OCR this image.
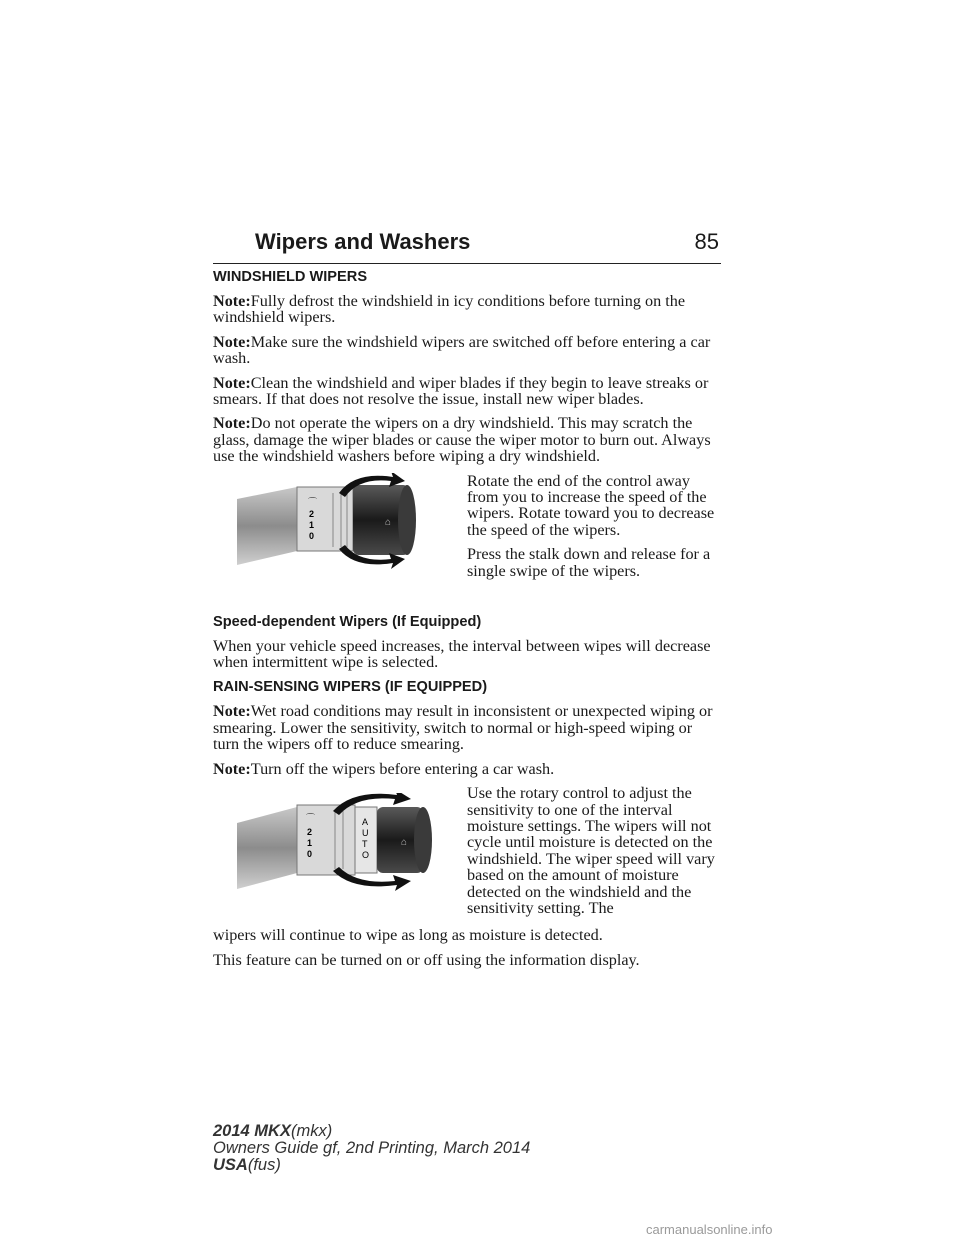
Wipers and Washers	85
WINDSHIELD WIPERS

Note:Fully defrost the windshield in icy conditions before turning on the windshield wipers.

Note:Make sure the windshield wipers are switched off before entering a car wash.

Note:Clean the windshield and wiper blades if they begin to leave streaks or smears. If that does not resolve the issue, install new wiper blades.

Note:Do not operate the wipers on a dry windshield. This may scratch the glass, damage the wiper blades or cause the wiper motor to burn out. Always use the windshield washers before wiping a dry windshield.

⌒
2
1
0
⌂

Rotate the end of the control away from you to increase the speed of the wipers. Rotate toward you to decrease the speed of the wipers.

Press the stalk down and release for a single swipe of the wipers.

Speed-dependent Wipers (If Equipped)

When your vehicle speed increases, the interval between wipes will decrease when intermittent wipe is selected.

RAIN-SENSING WIPERS (IF EQUIPPED)

Note:Wet road conditions may result in inconsistent or unexpected wiping or smearing. Lower the sensitivity, switch to normal or high-speed wiping or turn the wipers off to reduce smearing.

Note:Turn off the wipers before entering a car wash.

⌒
2
1
0
A
U
T
O
⌂

Use the rotary control to adjust the sensitivity to one of the interval moisture settings. The wipers will not cycle until moisture is detected on the windshield. The wiper speed will vary based on the amount of moisture detected on the windshield and the sensitivity setting. The

wipers will continue to wipe as long as moisture is detected.

This feature can be turned on or off using the information display.

2014 MKX(mkx)
Owners Guide gf, 2nd Printing, March 2014
USA(fus)
carmanualsonline.info
